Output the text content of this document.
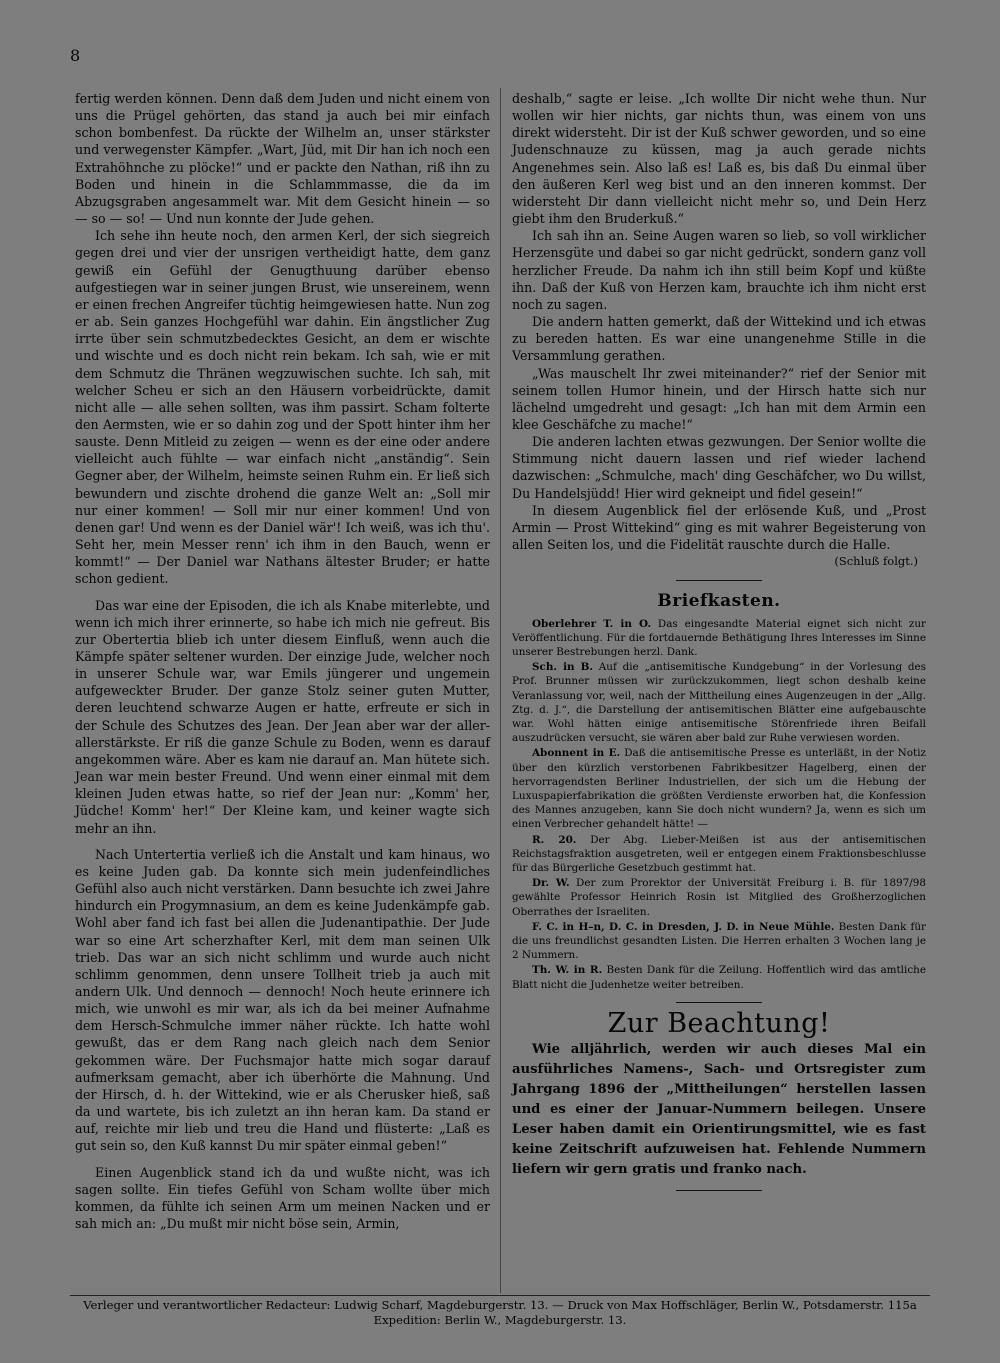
8

fertig werden können. Denn daß dem Juden und nicht einem von uns die Prügel gehörten, das stand ja auch bei mir einfach schon bombenfest. Da rückte der Wilhelm an, unser stärkster und verwegenster Kämpfer. „Wart, Jüd, mit Dir han ich noch een Extrahöhnche zu plöcke!“ und er packte den Nathan, riß ihn zu Boden und hinein in die Schlammmasse, die da im Abzugsgraben angesammelt war. Mit dem Gesicht hinein — so — so — so! — Und nun konnte der Jude gehen.

Ich sehe ihn heute noch, den armen Kerl, der sich siegreich gegen drei und vier der unsrigen vertheidigt hatte, dem ganz gewiß ein Gefühl der Genugthuung darüber ebenso aufgestiegen war in seiner jungen Brust, wie unsereinem, wenn er einen frechen Angreifer tüchtig heimgewiesen hatte. Nun zog er ab. Sein ganzes Hochgefühl war dahin. Ein ängstlicher Zug irrte über sein schmutzbedecktes Gesicht, an dem er wischte und wischte und es doch nicht rein bekam. Ich sah, wie er mit dem Schmutz die Thränen wegzuwischen suchte. Ich sah, mit welcher Scheu er sich an den Häusern vorbeidrückte, damit nicht alle — alle sehen sollten, was ihm passirt. Scham folterte den Aermsten, wie er so dahin zog und der Spott hinter ihm her sauste. Denn Mitleid zu zeigen — wenn es der eine oder andere vielleicht auch fühlte — war einfach nicht „anständig“. Sein Gegner aber, der Wilhelm, heimste seinen Ruhm ein. Er ließ sich bewundern und zischte drohend die ganze Welt an: „Soll mir nur einer kommen! — Soll mir nur einer kommen! Und von denen gar! Und wenn es der Daniel wär'! Ich weiß, was ich thu'. Seht her, mein Messer renn' ich ihm in den Bauch, wenn er kommt!“ — Der Daniel war Nathans ältester Bruder; er hatte schon gedient.

Das war eine der Episoden, die ich als Knabe miterlebte, und wenn ich mich ihrer erinnerte, so habe ich mich nie gefreut. Bis zur Obertertia blieb ich unter diesem Einfluß, wenn auch die Kämpfe später seltener wurden. Der einzige Jude, welcher noch in unserer Schule war, war Emils jüngerer und ungemein aufgeweckter Bruder. Der ganze Stolz seiner guten Mutter, deren leuchtend schwarze Augen er hatte, erfreute er sich in der Schule des Schutzes des Jean. Der Jean aber war der aller-allerstärkste. Er riß die ganze Schule zu Boden, wenn es darauf angekommen wäre. Aber es kam nie darauf an. Man hütete sich. Jean war mein bester Freund. Und wenn einer einmal mit dem kleinen Juden etwas hatte, so rief der Jean nur: „Komm' her, Jüdche! Komm' her!“ Der Kleine kam, und keiner wagte sich mehr an ihn.

Nach Untertertia verließ ich die Anstalt und kam hinaus, wo es keine Juden gab. Da konnte sich mein judenfeindliches Gefühl also auch nicht verstärken. Dann besuchte ich zwei Jahre hindurch ein Progymnasium, an dem es keine Judenkämpfe gab. Wohl aber fand ich fast bei allen die Judenantipathie. Der Jude war so eine Art scherzhafter Kerl, mit dem man seinen Ulk trieb. Das war an sich nicht schlimm und wurde auch nicht schlimm genommen, denn unsere Tollheit trieb ja auch mit andern Ulk. Und dennoch — dennoch! Noch heute erinnere ich mich, wie unwohl es mir war, als ich da bei meiner Aufnahme dem Hersch-Schmulche immer näher rückte. Ich hatte wohl gewußt, das er dem Rang nach gleich nach dem Senior gekommen wäre. Der Fuchsmajor hatte mich sogar darauf aufmerksam gemacht, aber ich überhörte die Mahnung. Und der Hirsch, d. h. der Wittekind, wie er als Cherusker hieß, saß da und wartete, bis ich zuletzt an ihn heran kam. Da stand er auf, reichte mir lieb und treu die Hand und flüsterte: „Laß es gut sein so, den Kuß kannst Du mir später einmal geben!“

Einen Augenblick stand ich da und wußte nicht, was ich sagen sollte. Ein tiefes Gefühl von Scham wollte über mich kommen, da fühlte ich seinen Arm um meinen Nacken und er sah mich an: „Du mußt mir nicht böse sein, Armin,

deshalb,“ sagte er leise. „Ich wollte Dir nicht wehe thun. Nur wollen wir hier nichts, gar nichts thun, was einem von uns direkt widersteht. Dir ist der Kuß schwer geworden, und so eine Judenschnauze zu küssen, mag ja auch gerade nichts Angenehmes sein. Also laß es! Laß es, bis daß Du einmal über den äußeren Kerl weg bist und an den inneren kommst. Der widersteht Dir dann vielleicht nicht mehr so, und Dein Herz giebt ihm den Bruderkuß.“

Ich sah ihn an. Seine Augen waren so lieb, so voll wirklicher Herzensgüte und dabei so gar nicht gedrückt, sondern ganz voll herzlicher Freude. Da nahm ich ihn still beim Kopf und küßte ihn. Daß der Kuß von Herzen kam, brauchte ich ihm nicht erst noch zu sagen.

Die andern hatten gemerkt, daß der Wittekind und ich etwas zu bereden hatten. Es war eine unangenehme Stille in die Versammlung gerathen.

„Was mauschelt Ihr zwei miteinander?“ rief der Senior mit seinem tollen Humor hinein, und der Hirsch hatte sich nur lächelnd umgedreht und gesagt: „Ich han mit dem Armin een klee Geschäfche zu mache!“

Die anderen lachten etwas gezwungen. Der Senior wollte die Stimmung nicht dauern lassen und rief wieder lachend dazwischen: „Schmulche, mach' ding Geschäfcher, wo Du willst, Du Handelsjüdd! Hier wird gekneipt und fidel gesein!“

In diesem Augenblick fiel der erlösende Kuß, und „Prost Armin — Prost Wittekind“ ging es mit wahrer Begeisterung von allen Seiten los, und die Fidelität rauschte durch die Halle.

(Schluß folgt.)
Briefkasten.

Oberlehrer T. in O. Das eingesandte Material eignet sich nicht zur Veröffentlichung. Für die fortdauernde Bethätigung Ihres Interesses im Sinne unserer Bestrebungen herzl. Dank.

Sch. in B. Auf die „antisemitische Kundgebung“ in der Vorlesung des Prof. Brunner müssen wir zurückzukommen, liegt schon deshalb keine Veranlassung vor, weil, nach der Mittheilung eines Augenzeugen in der „Allg. Ztg. d. J.“, die Darstellung der antisemitischen Blätter eine aufgebauschte war. Wohl hätten einige antisemitische Störenfriede ihren Beifall auszudrücken versucht, sie wären aber bald zur Ruhe verwiesen worden.

Abonnent in E. Daß die antisemitische Presse es unterläßt, in der Notiz über den kürzlich verstorbenen Fabrikbesitzer Hagelberg, einen der hervorragendsten Berliner Industriellen, der sich um die Hebung der Luxuspapierfabrikation die größten Verdienste erworben hat, die Konfession des Mannes anzugeben, kann Sie doch nicht wundern? Ja, wenn es sich um einen Verbrecher gehandelt hätte! —

R. 20. Der Abg. Lieber-Meißen ist aus der antisemitischen Reichstagsfraktion ausgetreten, weil er entgegen einem Fraktionsbeschlusse für das Bürgerliche Gesetzbuch gestimmt hat.

Dr. W. Der zum Prorektor der Universität Freiburg i. B. für 1897/98 gewählte Professor Heinrich Rosin ist Mitglied des Großherzoglichen Oberrathes der Israeliten.

F. C. in H–n, D. C. in Dresden, J. D. in Neue Mühle. Besten Dank für die uns freundlichst gesandten Listen. Die Herren erhalten 3 Wochen lang je 2 Nummern.

Th. W. in R. Besten Dank für die Zeilung. Hoffentlich wird das amtliche Blatt nicht die Judenhetze weiter betreiben.

Zur Beachtung!

Wie alljährlich, werden wir auch dieses Mal ein ausführliches Namens-, Sach- und Ortsregister zum Jahrgang 1896 der „Mittheilungen“ herstellen lassen und es einer der Januar-Nummern beilegen. Unsere Leser haben damit ein Orientirungsmittel, wie es fast keine Zeitschrift aufzuweisen hat. Fehlende Nummern liefern wir gern gratis und franko nach.

Verleger und verantwortlicher Redacteur: Ludwig Scharf, Magdeburgerstr. 13. — Druck von Max Hoffschläger, Berlin W., Potsdamerstr. 115a
Expedition: Berlin W., Magdeburgerstr. 13.
